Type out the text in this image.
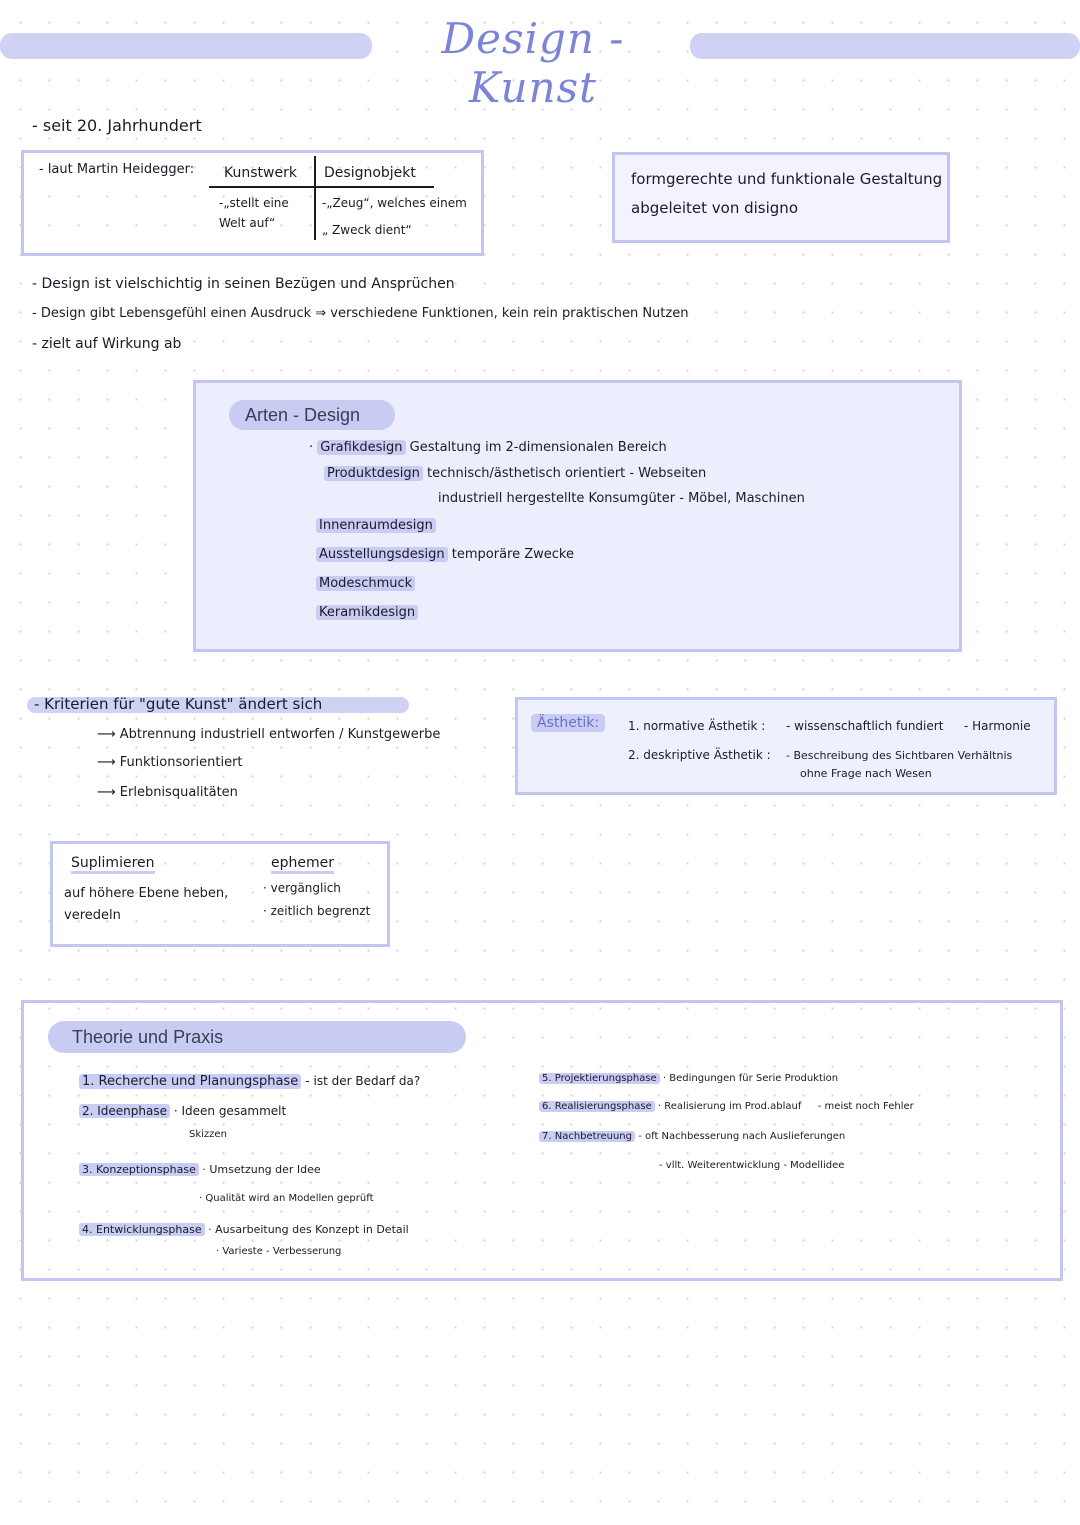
Design - Kunst
- seit 20. Jahrhundert
- laut Martin Heidegger: Kunstwerk
-„stellt eine
Welt auf“
Designobjekt
-„Zeug“, welches einem
„ Zweck dient“
formgerechte und funktionale Gestaltung
abgeleitet von disigno
- Design ist vielschichtig in seinen Bezügen und Ansprüchen
- Design gibt Lebensgefühl einen Ausdruck ⇒ verschiedene Funktionen, kein rein praktischen Nutzen
- zielt auf Wirkung ab
Arten - Design
· Grafikdesign Gestaltung im 2-dimensionalen Bereich
Produktdesign technisch/ästhetisch orientiert - Webseiten
industriell hergestellte Konsumgüter - Möbel, Maschinen
Innenraumdesign
Ausstellungsdesign temporäre Zwecke
Modeschmuck
Keramikdesign
- Kriterien für "gute Kunst" ändert sich
⟶ Abtrennung industriell entworfen / Kunstgewerbe
⟶ Funktionsorientiert
⟶ Erlebnisqualitäten
Ästhetik:	1. normative Ästhetik : - wissenschaftlich fundiert - Harmonie
2. deskriptive Ästhetik : - Beschreibung des Sichtbaren Verhältnis
ohne Frage nach Wesen
Suplimieren
auf höhere Ebene heben,
veredeln
ephemer
· vergänglich
· zeitlich begrenzt
Theorie und Praxis
1. Recherche und Planungsphase - ist der Bedarf da?
2. Ideenphase · Ideen gesammelt
Skizzen
3. Konzeptionsphase · Umsetzung der Idee
· Qualität wird an Modellen geprüft
4. Entwicklungsphase · Ausarbeitung des Konzept in Detail
· Varieste - Verbesserung
5. Projektierungsphase · Bedingungen für Serie Produktion
6. Realisierungsphase · Realisierung im Prod.ablauf - meist noch Fehler
7. Nachbetreuung - oft Nachbesserung nach Auslieferungen
- vllt. Weiterentwicklung - Modellidee
